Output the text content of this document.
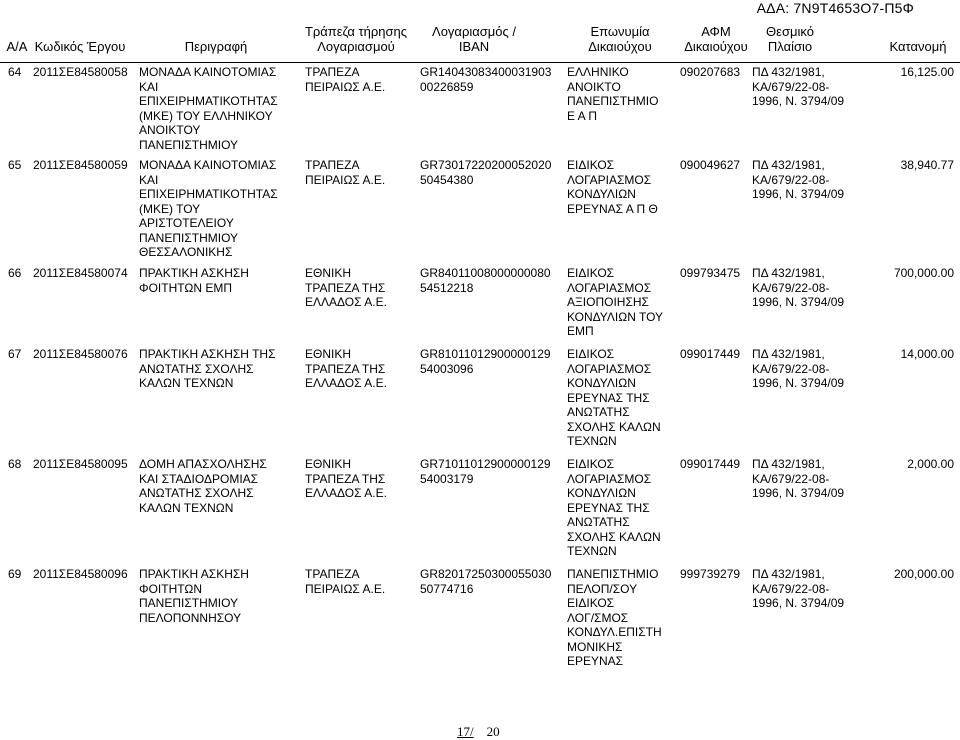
ΑΔΑ: 7Ν9Τ4653Ο7-Π5Φ
Α/Α Κωδικός Έργου	Περιγραφή
Τράπεζα τήρησης
Λογαριασμού
Λογαριασμός /
IBAN
Επωνυμία
Δικαιούχου
ΑΦΜ
Δικαιούχου
Θεσμικό
Πλαίσιο	Κατανομή
64 2011ΣΕ84580058 ΜΟΝΑΔΑ ΚΑΙΝΟΤΟΜΙΑΣ
ΚΑΙ
ΕΠΙΧΕΙΡΗΜΑΤΙΚΟΤΗΤΑΣ
(ΜΚΕ) ΤΟΥ ΕΛΛΗΝΙΚΟΥ
ΑΝΟΙΚΤΟΥ
ΠΑΝΕΠΙΣΤΗΜΙΟΥ
ΤΡΑΠΕΖΑ
ΠΕΙΡΑΙΩΣ Α.Ε.
GR14043083400031903
00226859
ΕΛΛΗΝΙΚΟ
ΑΝΟΙΚΤΟ
ΠΑΝΕΠΙΣΤΗΜΙΟ
Ε Α Π
090207683 ΠΔ 432/1981,
ΚΑ/679/22-08-
1996, Ν. 3794/09
16,125.00
65 2011ΣΕ84580059 ΜΟΝΑΔΑ ΚΑΙΝΟΤΟΜΙΑΣ
ΚΑΙ
ΕΠΙΧΕΙΡΗΜΑΤΙΚΟΤΗΤΑΣ
(ΜΚΕ) ΤΟΥ
ΑΡΙΣΤΟΤΕΛΕΙΟΥ
ΠΑΝΕΠΙΣΤΗΜΙΟΥ
ΘΕΣΣΑΛΟΝΙΚΗΣ
ΤΡΑΠΕΖΑ
ΠΕΙΡΑΙΩΣ Α.Ε.
GR73017220200052020
50454380
ΕΙΔΙΚΟΣ
ΛΟΓΑΡΙΑΣΜΟΣ
ΚΟΝΔΥΛΙΩΝ
ΕΡΕΥΝΑΣ Α Π Θ
090049627 ΠΔ 432/1981,
ΚΑ/679/22-08-
1996, Ν. 3794/09
38,940.77
66 2011ΣΕ84580074 ΠΡΑΚΤΙΚΗ ΑΣΚΗΣΗ
ΦΟΙΤΗΤΩΝ ΕΜΠ
ΕΘΝΙΚΗ
ΤΡΑΠΕΖΑ ΤΗΣ
ΕΛΛΑΔΟΣ Α.Ε.
GR84011008000000080
54512218
ΕΙΔΙΚΟΣ
ΛΟΓΑΡΙΑΣΜΟΣ
ΑΞΙΟΠΟΙΗΣΗΣ
ΚΟΝΔΥΛΙΩΝ ΤΟΥ
ΕΜΠ
099793475 ΠΔ 432/1981,
ΚΑ/679/22-08-
1996, Ν. 3794/09
700,000.00
67 2011ΣΕ84580076 ΠΡΑΚΤΙΚΗ ΑΣΚΗΣΗ ΤΗΣ
ΑΝΩΤΑΤΗΣ ΣΧΟΛΗΣ
ΚΑΛΩΝ ΤΕΧΝΩΝ
ΕΘΝΙΚΗ
ΤΡΑΠΕΖΑ ΤΗΣ
ΕΛΛΑΔΟΣ Α.Ε.
GR81011012900000129
54003096
ΕΙΔΙΚΟΣ
ΛΟΓΑΡΙΑΣΜΟΣ
ΚΟΝΔΥΛΙΩΝ
ΕΡΕΥΝΑΣ ΤΗΣ
ΑΝΩΤΑΤΗΣ
ΣΧΟΛΗΣ ΚΑΛΩΝ
ΤΕΧΝΩΝ
099017449 ΠΔ 432/1981,
ΚΑ/679/22-08-
1996, Ν. 3794/09
14,000.00
68 2011ΣΕ84580095 ΔΟΜΗ ΑΠΑΣΧΟΛΗΣΗΣ
ΚΑΙ ΣΤΑΔΙΟΔΡΟΜΙΑΣ
ΑΝΩΤΑΤΗΣ ΣΧΟΛΗΣ
ΚΑΛΩΝ ΤΕΧΝΩΝ
ΕΘΝΙΚΗ
ΤΡΑΠΕΖΑ ΤΗΣ
ΕΛΛΑΔΟΣ Α.Ε.
GR71011012900000129
54003179
ΕΙΔΙΚΟΣ
ΛΟΓΑΡΙΑΣΜΟΣ
ΚΟΝΔΥΛΙΩΝ
ΕΡΕΥΝΑΣ ΤΗΣ
ΑΝΩΤΑΤΗΣ
ΣΧΟΛΗΣ ΚΑΛΩΝ
ΤΕΧΝΩΝ
099017449 ΠΔ 432/1981,
ΚΑ/679/22-08-
1996, Ν. 3794/09
2,000.00
69 2011ΣΕ84580096 ΠΡΑΚΤΙΚΗ ΑΣΚΗΣΗ
ΦΟΙΤΗΤΩΝ
ΠΑΝΕΠΙΣΤΗΜΙΟΥ
ΠΕΛΟΠΟΝΝΗΣΟΥ
ΤΡΑΠΕΖΑ
ΠΕΙΡΑΙΩΣ Α.Ε.
GR82017250300055030
50774716
ΠΑΝΕΠΙΣΤΗΜΙΟ
ΠΕΛΟΠ/ΣΟΥ
ΕΙΔΙΚΟΣ
ΛΟΓ/ΣΜΟΣ
ΚΟΝΔΥΛ.ΕΠΙΣΤΗ
ΜΟΝΙΚΗΣ
ΕΡΕΥΝΑΣ
999739279 ΠΔ 432/1981,
ΚΑ/679/22-08-
1996, Ν. 3794/09
200,000.00
17/ 20
